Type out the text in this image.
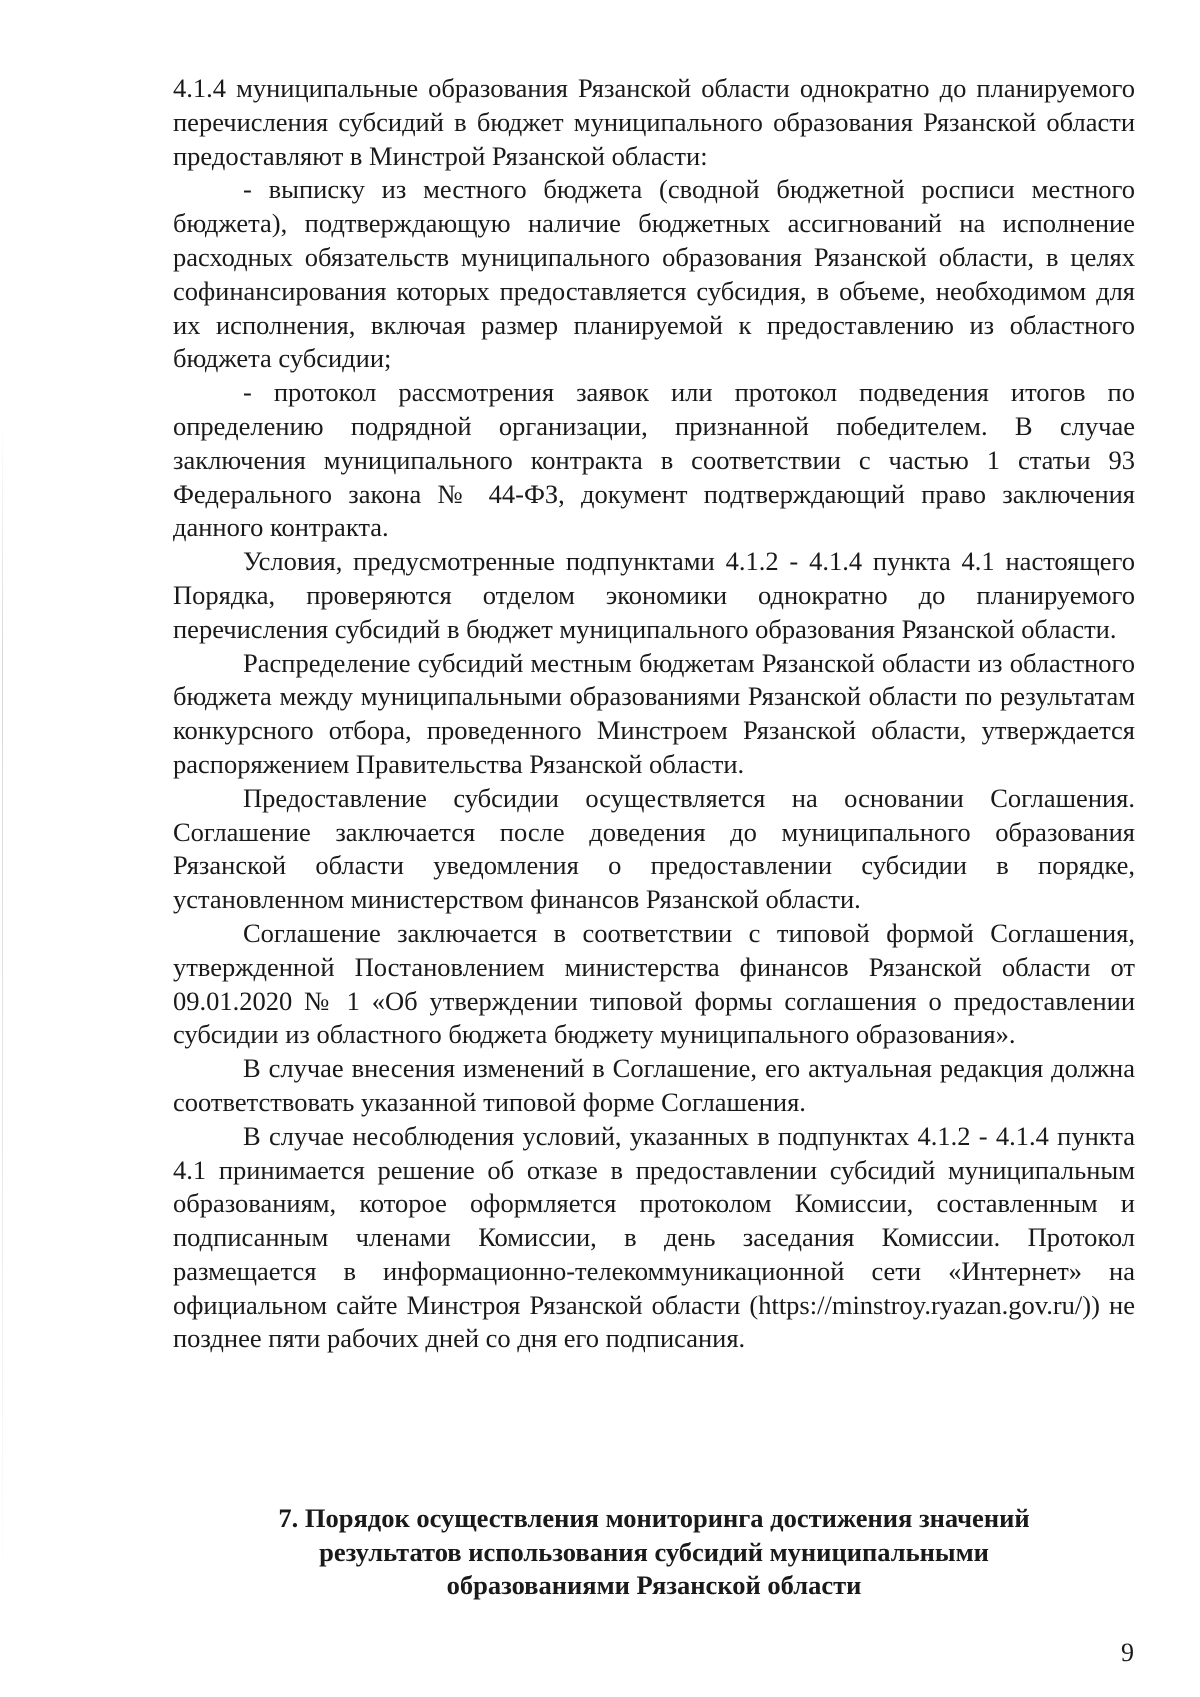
4.1.4 муниципальные образования Рязанской области однократно до планируемого перечисления субсидий в бюджет муниципального образования Рязанской области предоставляют в Минстрой Рязанской области:

- выписку из местного бюджета (сводной бюджетной росписи местного бюджета), подтверждающую наличие бюджетных ассигнований на исполнение расходных обязательств муниципального образования Рязанской области, в целях софинансирования которых предоставляется субсидия, в объеме, необходимом для их исполнения, включая размер планируемой к предоставлению из областного бюджета субсидии;

- протокол рассмотрения заявок или протокол подведения итогов по определению подрядной организации, признанной победителем. В случае заключения муниципального контракта в соответствии с частью 1 статьи 93 Федерального закона № 44-ФЗ, документ подтверждающий право заключения данного контракта.

Условия, предусмотренные подпунктами 4.1.2 - 4.1.4 пункта 4.1 настоящего Порядка, проверяются отделом экономики однократно до планируемого перечисления субсидий в бюджет муниципального образования Рязанской области.

Распределение субсидий местным бюджетам Рязанской области из областного бюджета между муниципальными образованиями Рязанской области по результатам конкурсного отбора, проведенного Минстроем Рязанской области, утверждается распоряжением Правительства Рязанской области.

Предоставление субсидии осуществляется на основании Соглашения. Соглашение заключается после доведения до муниципального образования Рязанской области уведомления о предоставлении субсидии в порядке, установленном министерством финансов Рязанской области.

Соглашение заключается в соответствии с типовой формой Соглашения, утвержденной Постановлением министерства финансов Рязанской области от 09.01.2020 № 1 «Об утверждении типовой формы соглашения о предоставлении субсидии из областного бюджета бюджету муниципального образования».

В случае внесения изменений в Соглашение, его актуальная редакция должна соответствовать указанной типовой форме Соглашения.

В случае несоблюдения условий, указанных в подпунктах 4.1.2 - 4.1.4 пункта 4.1 принимается решение об отказе в предоставлении субсидий муниципальным образованиям, которое оформляется протоколом Комиссии, составленным и подписанным членами Комиссии, в день заседания Комиссии. Протокол размещается в информационно-телекоммуникационной сети «Интернет» на официальном сайте Минстроя Рязанской области (https://minstroy.ryazan.gov.ru/)) не позднее пяти рабочих дней со дня его подписания.

7. Порядок осуществления мониторинга достижения значений
результатов использования субсидий муниципальными
образованиями Рязанской области
9
